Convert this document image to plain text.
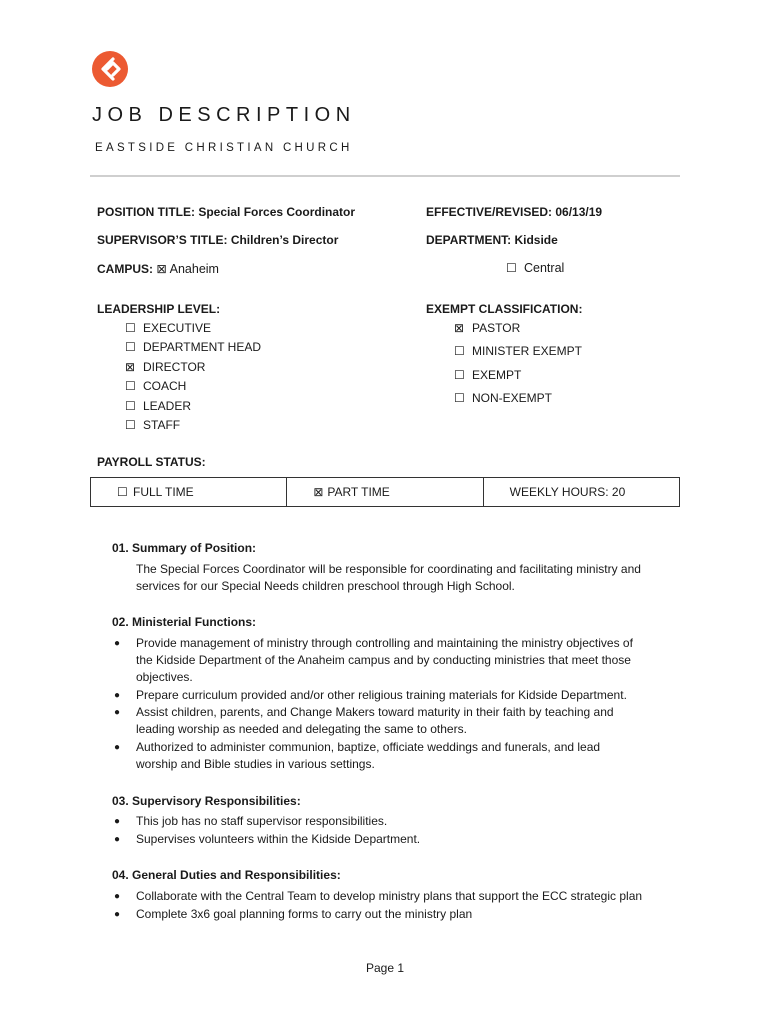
JOB DESCRIPTION
EASTSIDE CHRISTIAN CHURCH
POSITION TITLE: Special Forces Coordinator	EFFECTIVE/REVISED: 06/13/19
SUPERVISOR’S TITLE: Children’s Director	DEPARTMENT: Kidside
CAMPUS: ⊠ Anaheim	☐ Central
LEADERSHIP LEVEL:
☐ EXECUTIVE
☐ DEPARTMENT HEAD
⊠ DIRECTOR
☐ COACH
☐ LEADER
☐ STAFF
EXEMPT CLASSIFICATION:
⊠ PASTOR
☐ MINISTER EXEMPT
☐ EXEMPT
☐ NON-EXEMPT
PAYROLL STATUS:
☐ FULL TIME	⊠ PART TIME	WEEKLY HOURS: 20
01. Summary of Position:
The Special Forces Coordinator will be responsible for coordinating and facilitating ministry and
services for our Special Needs children preschool through High School.
02. Ministerial Functions:
● Provide management of ministry through controlling and maintaining the ministry objectives of
the Kidside Department of the Anaheim campus and by conducting ministries that meet those
objectives.
● Prepare curriculum provided and/or other religious training materials for Kidside Department.
● Assist children, parents, and Change Makers toward maturity in their faith by teaching and
leading worship as needed and delegating the same to others.
● Authorized to administer communion, baptize, officiate weddings and funerals, and lead
worship and Bible studies in various settings.
03. Supervisory Responsibilities:
● This job has no staff supervisor responsibilities.
● Supervises volunteers within the Kidside Department.
04. General Duties and Responsibilities:
● Collaborate with the Central Team to develop ministry plans that support the ECC strategic plan
● Complete 3x6 goal planning forms to carry out the ministry plan
Page 1
